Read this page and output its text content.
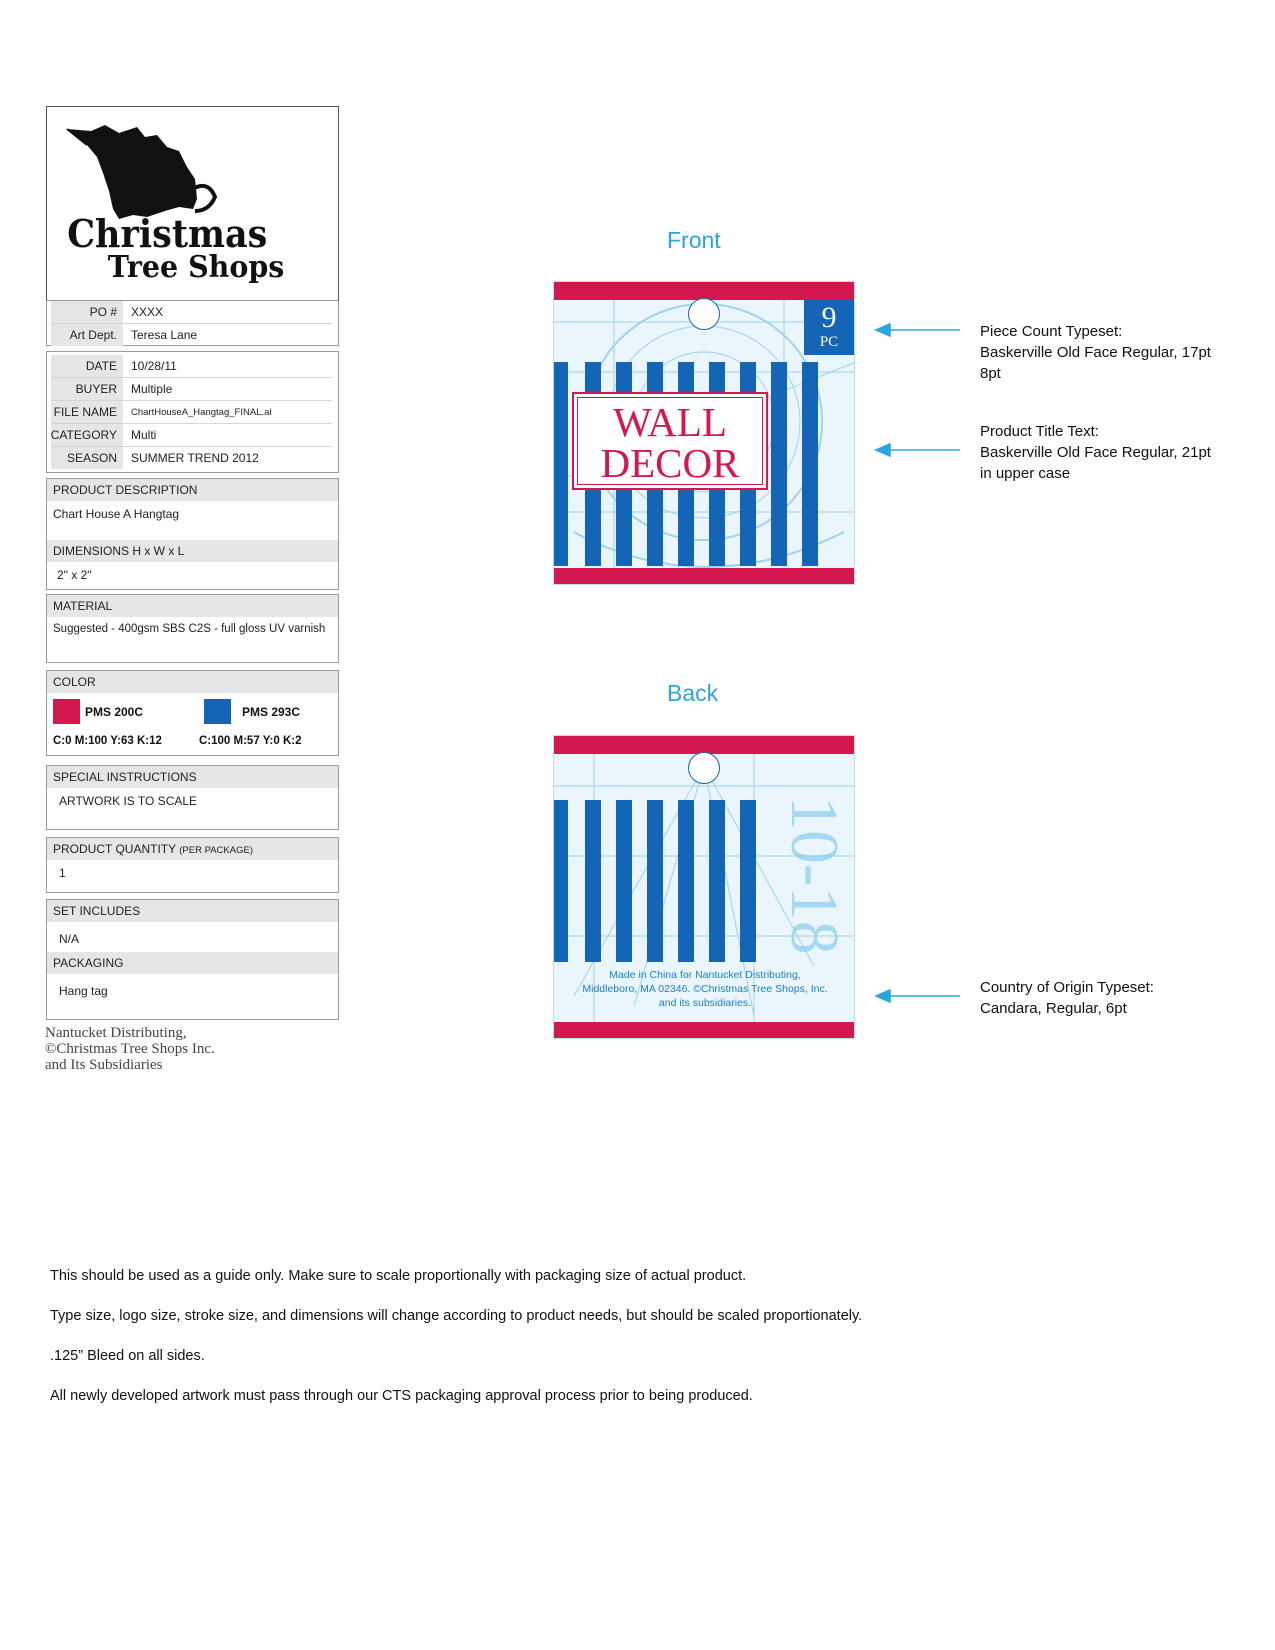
Christmas
Tree Shops
PO #	XXXX
Art Dept.	Teresa Lane
DATE	10/28/11
BUYER	Multiple
FILE NAME	ChartHouseA_Hangtag_FINAL.ai
CATEGORY	Multi
SEASON	SUMMER TREND 2012
PRODUCT DESCRIPTION
Chart House A Hangtag
DIMENSIONS H x W x L
2" x 2"
MATERIAL
Suggested - 400gsm SBS C2S - full gloss UV varnish
COLOR
PMS 200C	PMS 293C
C:0 M:100 Y:63 K:12	C:100 M:57 Y:0 K:2
SPECIAL INSTRUCTIONS
ARTWORK IS TO SCALE
PRODUCT QUANTITY (PER PACKAGE)
1
SET INCLUDES
N/A
PACKAGING
Hang tag
Nantucket Distributing,
©Christmas Tree Shops Inc.
and Its Subsidiaries
Front
9
PC
WALL
DECOR
Back
10-18
Made in China for Nantucket Distributing,
Middleboro, MA 02346. ©Christmas Tree Shops, Inc.
and its subsidiaries.
Piece Count Typeset:
Baskerville Old Face Regular, 17pt
8pt
Product Title Text:
Baskerville Old Face Regular, 21pt
in upper case
Country of Origin Typeset:
Candara, Regular, 6pt
This should be used as a guide only. Make sure to scale proportionally with packaging size of actual product.
Type size, logo size, stroke size, and dimensions will change according to product needs, but should be scaled proportionately.
.125” Bleed on all sides.
All newly developed artwork must pass through our CTS packaging approval process prior to being produced.
